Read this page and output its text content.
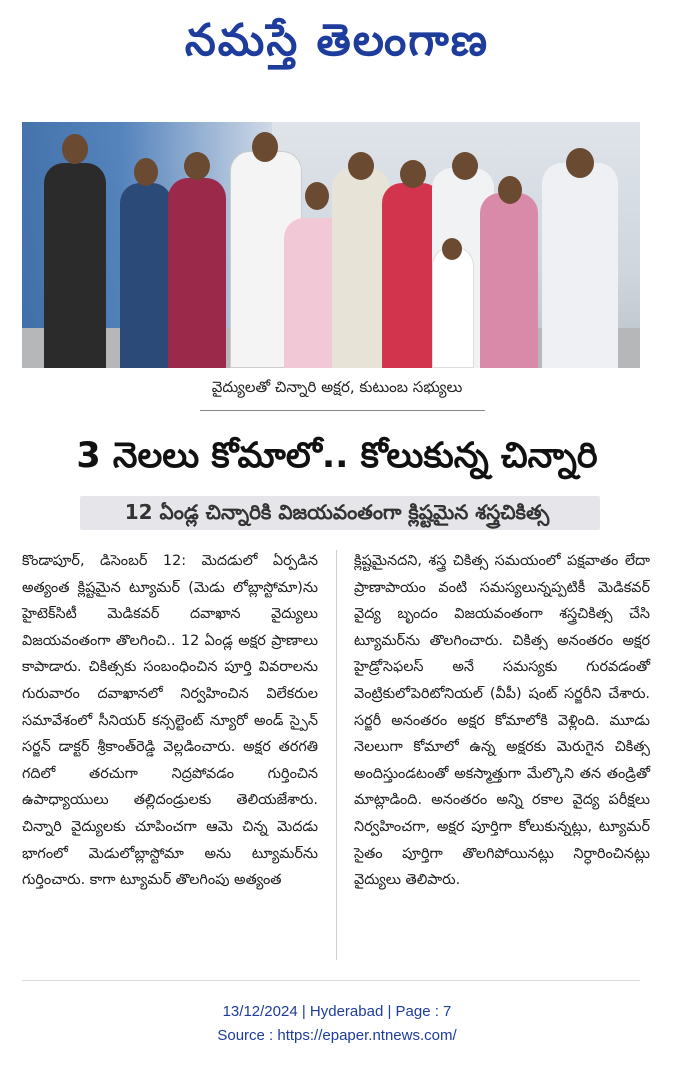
నమస్తే తెలంగాణ
వైద్యులతో చిన్నారి అక్షర, కుటుంబ సభ్యులు
3 నెలలు కోమాలో.. కోలుకున్న చిన్నారి
12 ఏండ్ల చిన్నారికి విజయవంతంగా క్లిష్టమైన శస్త్రచికిత్స
కొండాపూర్, డిసెంబర్ 12: మెదడులో ఏర్పడిన అత్యంత క్లిష్టమైన ట్యూమర్ (మెడు లోబ్లాస్టోమా)ను హైటెక్‌సిటీ మెడికవర్ దవాఖాన వైద్యులు విజయవంతంగా తొలగించి.. 12 ఏండ్ల అక్షర ప్రాణాలు కాపాడారు. చికిత్సకు సంబంధించిన పూర్తి వివరాలను గురువారం దవాఖానలో నిర్వహించిన విలేకరుల సమావేశంలో సీనియర్ కన్సల్టెంట్ న్యూరో అండ్ స్పైన్ సర్జన్ డాక్టర్ శ్రీకాంత్‌రెడ్డి వెల్లడించారు. అక్షర తరగతి గదిలో తరచుగా నిద్రపోవడం గుర్తించిన ఉపాధ్యాయులు తల్లిదండ్రులకు తెలియజేశారు. చిన్నారి వైద్యులకు చూపించగా ఆమె చిన్న మెదడు భాగంలో మెడులోబ్లాస్టోమా అను ట్యూమర్‌ను గుర్తించారు. కాగా ట్యూమర్ తొలగింపు అత్యంత
క్లిష్టమైనదని, శస్త్ర చికిత్స సమయంలో పక్షవాతం లేదా ప్రాణాపాయం వంటి సమస్యలున్నప్పటికీ మెడికవర్ వైద్య బృందం విజయవంతంగా శస్త్రచికిత్స చేసి ట్యూమర్‌ను తొలగించారు. చికిత్స అనంతరం అక్షర హైడ్రోసెఫలస్ అనే సమస్యకు గురవడంతో వెంట్రికులోపెరిటోనియల్ (వీపీ) షంట్ సర్జరీని చేశారు. సర్జరీ అనంతరం అక్షర కోమాలోకి వెళ్లింది. మూడు నెలలుగా కోమాలో ఉన్న అక్షరకు మెరుగైన చికిత్స అందిస్తుండటంతో అకస్మాత్తుగా మేల్కొని తన తండ్రితో మాట్లాడింది. అనంతరం అన్ని రకాల వైద్య పరీక్షలు నిర్వహించగా, అక్షర పూర్తిగా కోలుకున్నట్లు, ట్యూమర్ సైతం పూర్తిగా తొలగిపోయినట్లు నిర్ధారించినట్లు వైద్యులు తెలిపారు.
13/12/2024 | Hyderabad | Page : 7
Source : https://epaper.ntnews.com/
